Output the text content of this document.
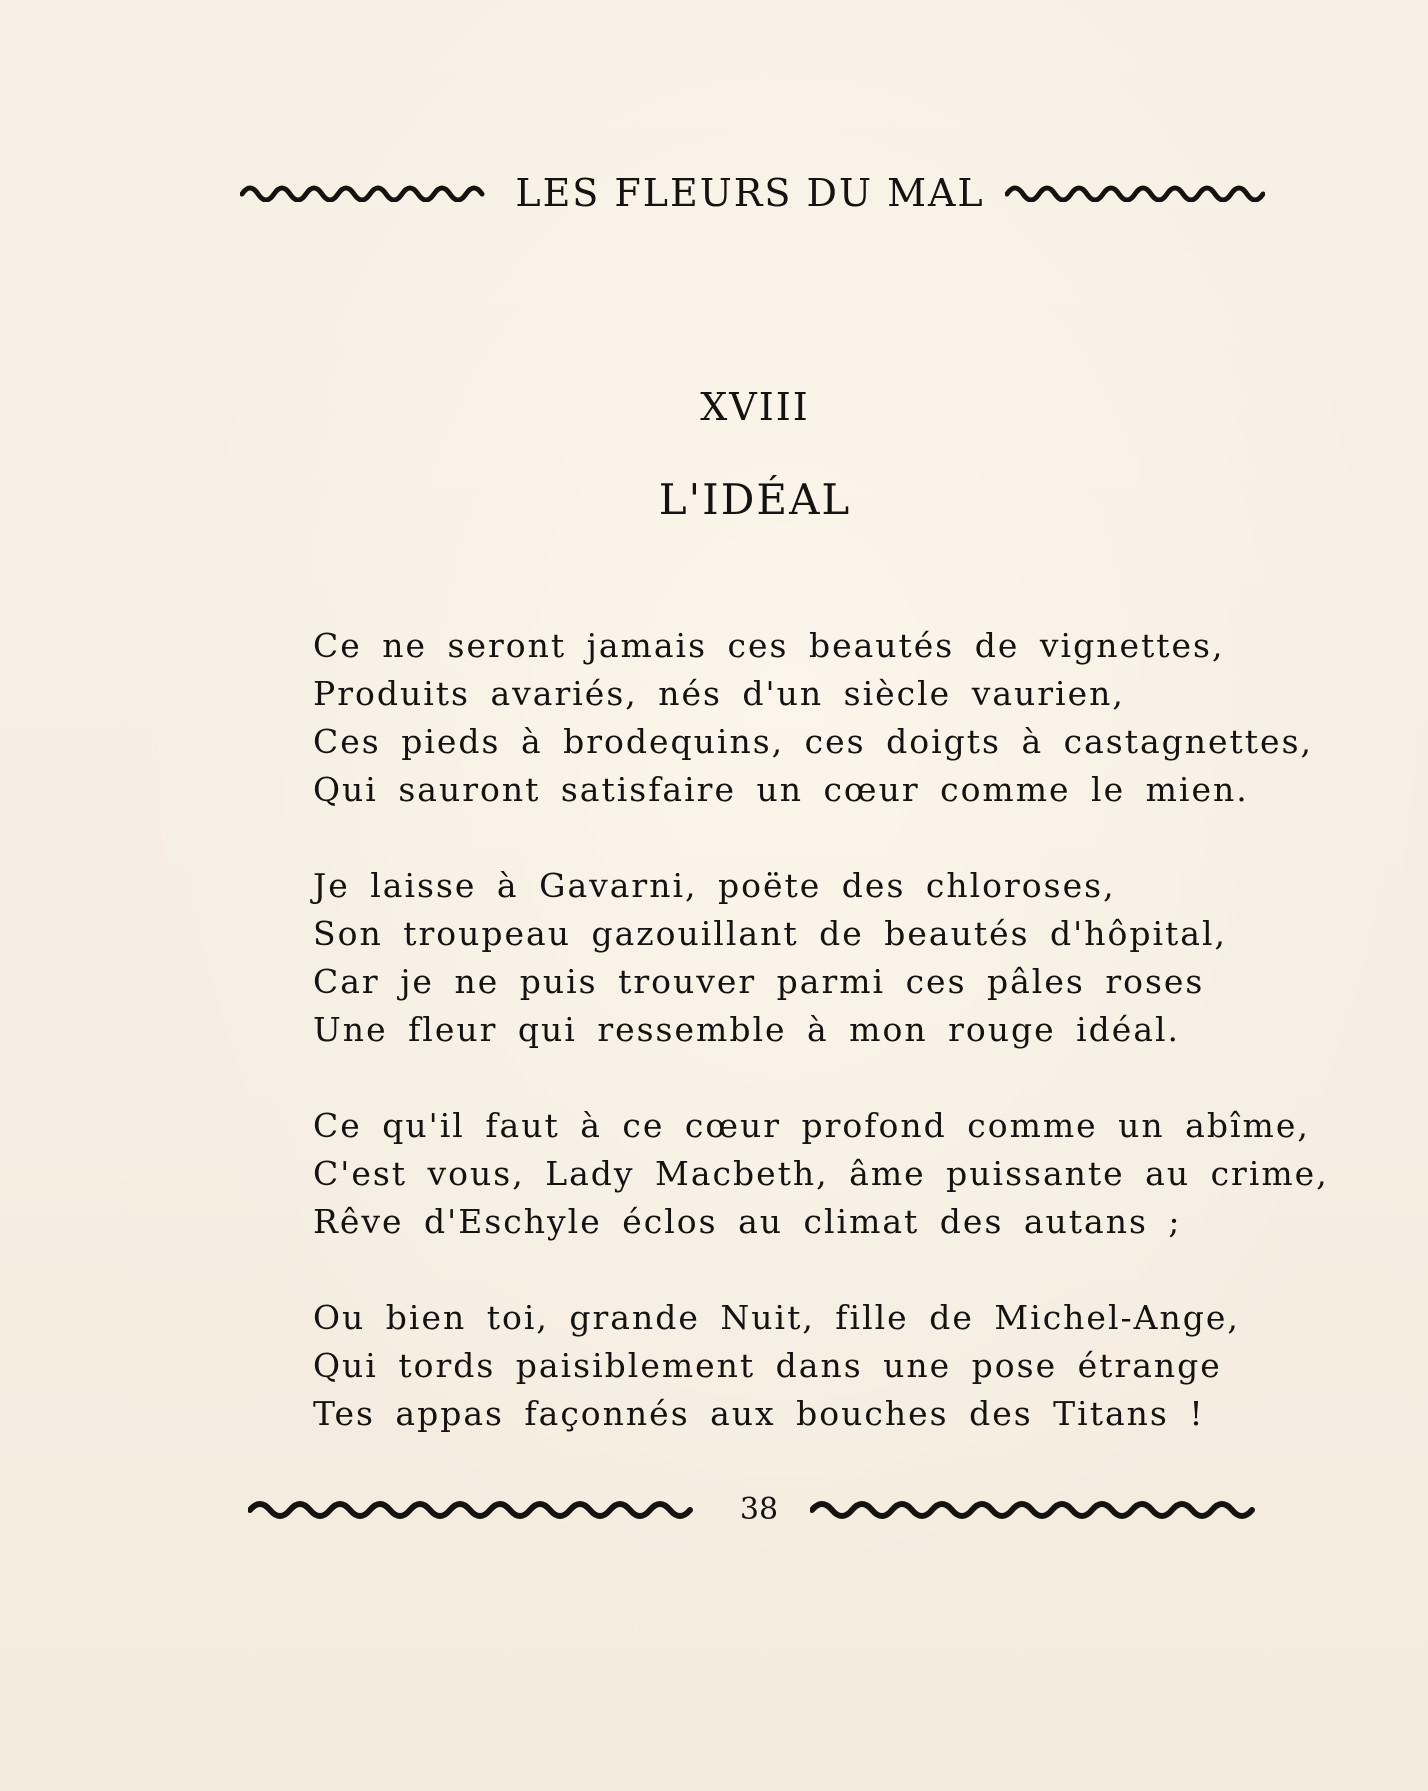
LES FLEURS DU MAL
XVIII
L'IDÉAL
Ce ne seront jamais ces beautés de vignettes,
Produits avariés, nés d'un siècle vaurien,
Ces pieds à brodequins, ces doigts à castagnettes,
Qui sauront satisfaire un cœur comme le mien.
Je laisse à Gavarni, poëte des chloroses,
Son troupeau gazouillant de beautés d'hôpital,
Car je ne puis trouver parmi ces pâles roses
Une fleur qui ressemble à mon rouge idéal.
Ce qu'il faut à ce cœur profond comme un abîme,
C'est vous, Lady Macbeth, âme puissante au crime,
Rêve d'Eschyle éclos au climat des autans ;
Ou bien toi, grande Nuit, fille de Michel-Ange,
Qui tords paisiblement dans une pose étrange
Tes appas façonnés aux bouches des Titans !
38
